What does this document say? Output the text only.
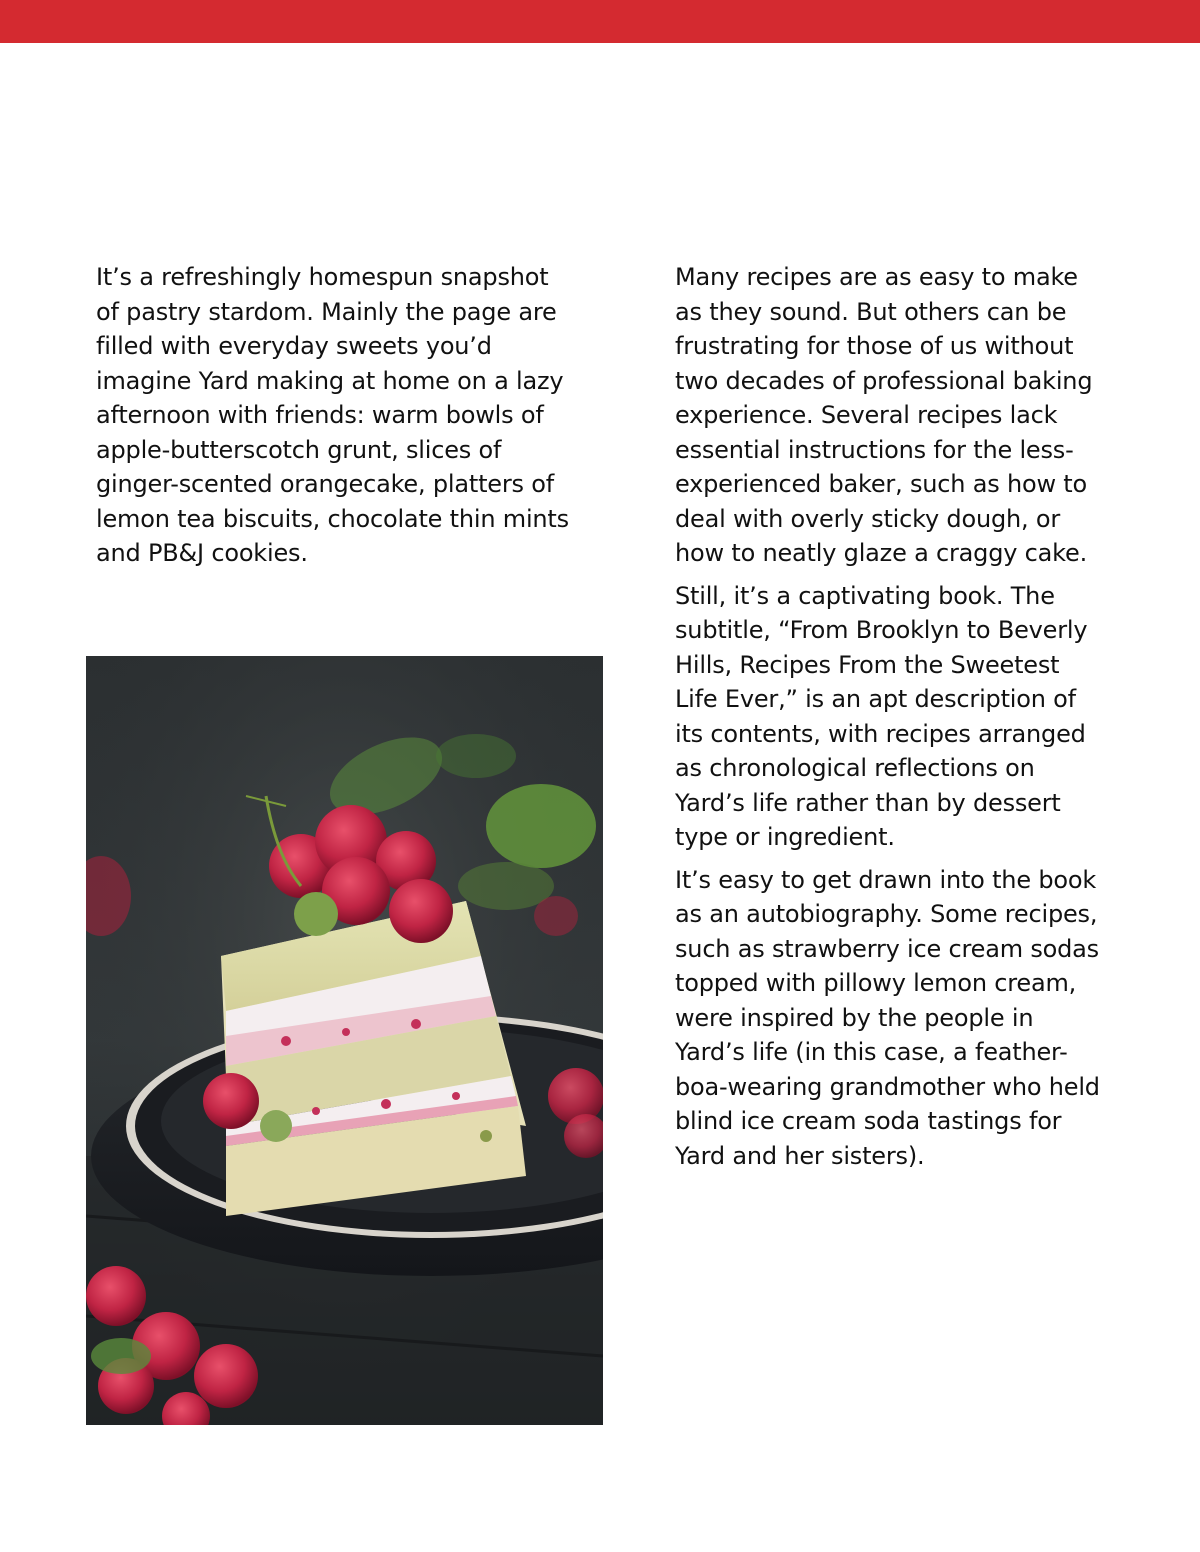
It’s a refreshingly homespun snapshot
of pastry stardom. Mainly the page are
filled with everyday sweets you’d
imagine Yard making at home on a lazy
afternoon with friends: warm bowls of
apple-butterscotch grunt, slices of
ginger-scented orangecake, platters of
lemon tea biscuits, chocolate thin mints
and PB&J cookies.

Many recipes are as easy to make
as they sound. But others can be
frustrating for those of us without
two decades of professional baking
experience. Several recipes lack
essential instructions for the less-
experienced baker, such as how to
deal with overly sticky dough, or
how to neatly glaze a craggy cake.

Still, it’s a captivating book. The
subtitle, “From Brooklyn to Beverly
Hills, Recipes From the Sweetest
Life Ever,” is an apt description of
its contents, with recipes arranged
as chronological reflections on
Yard’s life rather than by dessert
type or ingredient.

It’s easy to get drawn into the book
as an autobiography. Some recipes,
such as strawberry ice cream sodas
topped with pillowy lemon cream,
were inspired by the people in
Yard’s life (in this case, a feather-
boa-wearing grandmother who held
blind ice cream soda tastings for
Yard and her sisters).
